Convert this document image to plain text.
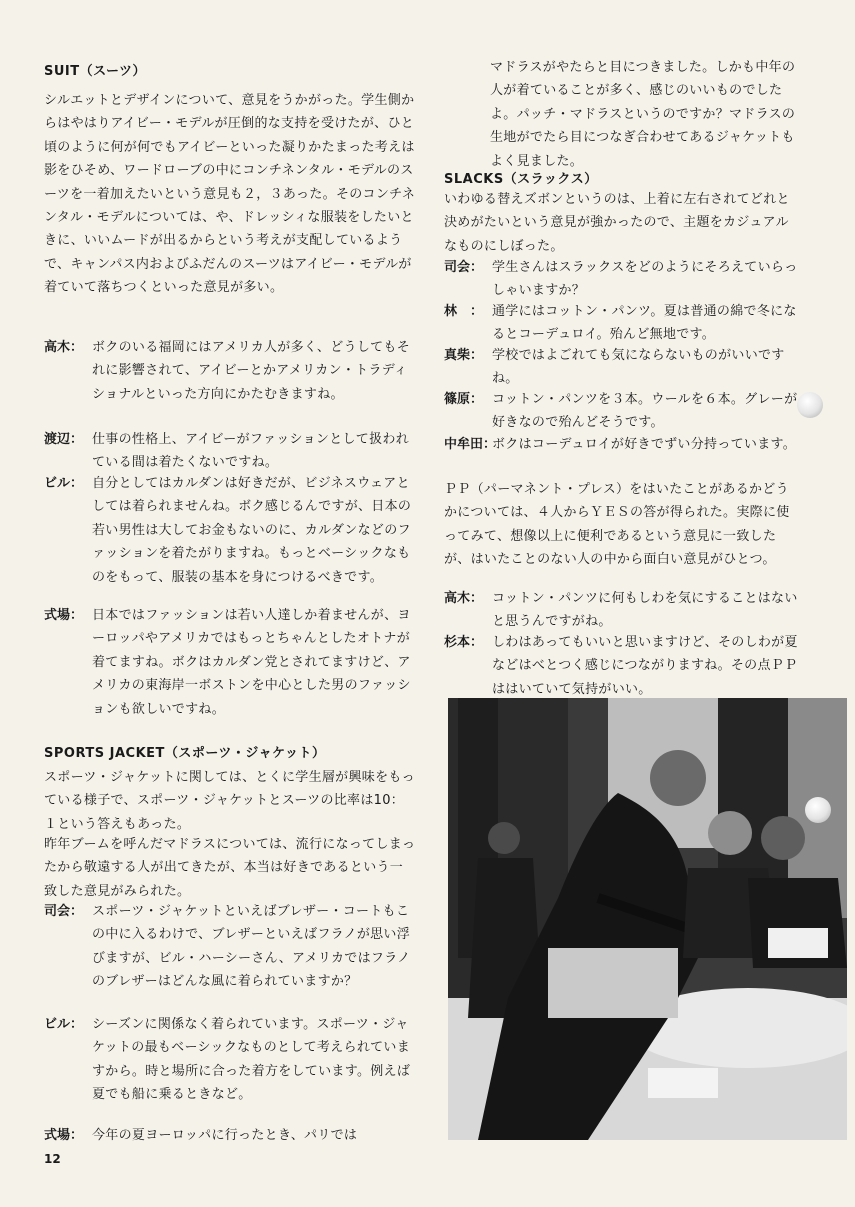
SUIT（スーツ）

シルエットとデザインについて、意見をうかがった。学生側からはやはりアイビー・モデルが圧倒的な支持を受けたが、ひと頃のように何が何でもアイビーといった凝りかたまった考えは影をひそめ、ワードローブの中にコンチネンタル・モデルのスーツを一着加えたいという意見も２，３あった。そのコンチネンタル・モデルについては、や、ドレッシィな服装をしたいときに、いいムードが出るからという考えが支配しているようで、キャンパス内およびふだんのスーツはアイビー・モデルが着ていて落ちつくといった意見が多い。

高木： ボクのいる福岡にはアメリカ人が多く、どうしてもそれに影響されて、アイビーとかアメリカン・トラディショナルといった方向にかたむきますね。

渡辺： 仕事の性格上、アイビーがファッションとして扱われている間は着たくないですね。

ビル： 自分としてはカルダンは好きだが、ビジネスウェアとしては着られませんね。ボク感じるんですが、日本の若い男性は大してお金もないのに、カルダンなどのファッションを着たがりますね。もっとベーシックなものをもって、服装の基本を身につけるべきです。

式場： 日本ではファッションは若い人達しか着ませんが、ヨーロッパやアメリカではもっとちゃんとしたオトナが着てますね。ボクはカルダン党とされてますけど、アメリカの東海岸一ボストンを中心とした男のファッションも欲しいですね。

SPORTS JACKET（スポーツ・ジャケット）

スポーツ・ジャケットに関しては、とくに学生層が興味をもっている様子で、スポーツ・ジャケットとスーツの比率は10：１という答えもあった。

昨年ブームを呼んだマドラスについては、流行になってしまったから敬遠する人が出てきたが、本当は好きであるという一致した意見がみられた。

司会： スポーツ・ジャケットといえばブレザー・コートもこの中に入るわけで、ブレザーといえばフラノが思い浮びますが、ビル・ハーシーさん、アメリカではフラノのブレザーはどんな風に着られていますか？

ビル： シーズンに関係なく着られています。スポーツ・ジャケットの最もベーシックなものとして考えられていますから。時と場所に合った着方をしています。例えば夏でも船に乗るときなど。

式場： 今年の夏ヨーロッパに行ったとき、パリでは

マドラスがやたらと目につきました。しかも中年の人が着ていることが多く、感じのいいものでしたよ。パッチ・マドラスというのですか？マドラスの生地がでたら目につなぎ合わせてあるジャケットもよく見ました。

SLACKS（スラックス）

いわゆる替えズボンというのは、上着に左右されてどれと決めがたいという意見が強かったので、主題をカジュアルなものにしぼった。

司会： 学生さんはスラックスをどのようにそろえていらっしゃいますか？

林　： 通学にはコットン・パンツ。夏は普通の綿で冬になるとコーデュロイ。殆んど無地です。

真柴： 学校ではよごれても気にならないものがいいですね。

篠原： コットン・パンツを３本。ウールを６本。グレーが好きなので殆んどそうです。

中牟田：

ボクはコーデュロイが好きでずい分持っています。

ＰＰ（パーマネント・プレス）をはいたことがあるかどうかについては、４人からＹＥＳの答が得られた。実際に使ってみて、想像以上に便利であるという意見に一致したが、はいたことのない人の中から面白い意見がひとつ。

高木： コットン・パンツに何もしわを気にすることはないと思うんですがね。

杉本： しわはあってもいいと思いますけど、そのしわが夏などはべとつく感じにつながりますね。その点ＰＰははいていて気持がいい。

12
